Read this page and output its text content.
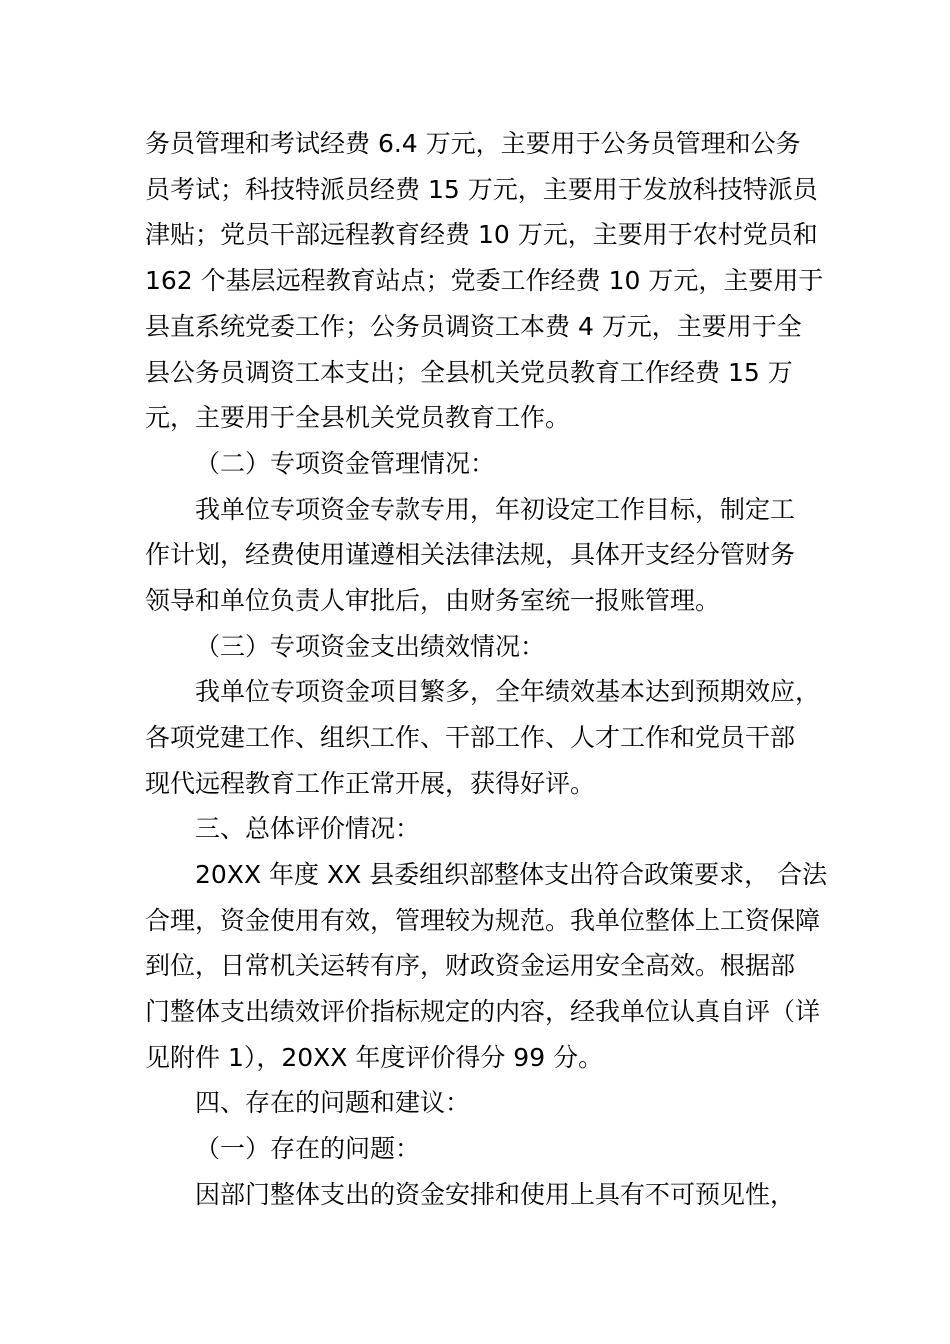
务员管理和考试经费 6.4 万元，主要用于公务员管理和公务
员考试；科技特派员经费 15 万元，主要用于发放科技特派员
津贴；党员干部远程教育经费 10 万元，主要用于农村党员和
162 个基层远程教育站点；党委工作经费 10 万元，主要用于
县直系统党委工作；公务员调资工本费 4 万元，主要用于全
县公务员调资工本支出；全县机关党员教育工作经费 15 万
元，主要用于全县机关党员教育工作。
（二）专项资金管理情况：
我单位专项资金专款专用，年初设定工作目标，制定工
作计划，经费使用谨遵相关法律法规，具体开支经分管财务
领导和单位负责人审批后，由财务室统一报账管理。
（三）专项资金支出绩效情况：
我单位专项资金项目繁多，全年绩效基本达到预期效应，
各项党建工作、组织工作、干部工作、人才工作和党员干部
现代远程教育工作正常开展，获得好评。
三、总体评价情况：
20XX 年度 XX 县委组织部整体支出符合政策要求， 合法
合理，资金使用有效，管理较为规范。我单位整体上工资保障
到位，日常机关运转有序，财政资金运用安全高效。根据部
门整体支出绩效评价指标规定的内容，经我单位认真自评（详
见附件 1），20XX 年度评价得分 99 分。
四、存在的问题和建议：
（一）存在的问题：
因部门整体支出的资金安排和使用上具有不可预见性，
